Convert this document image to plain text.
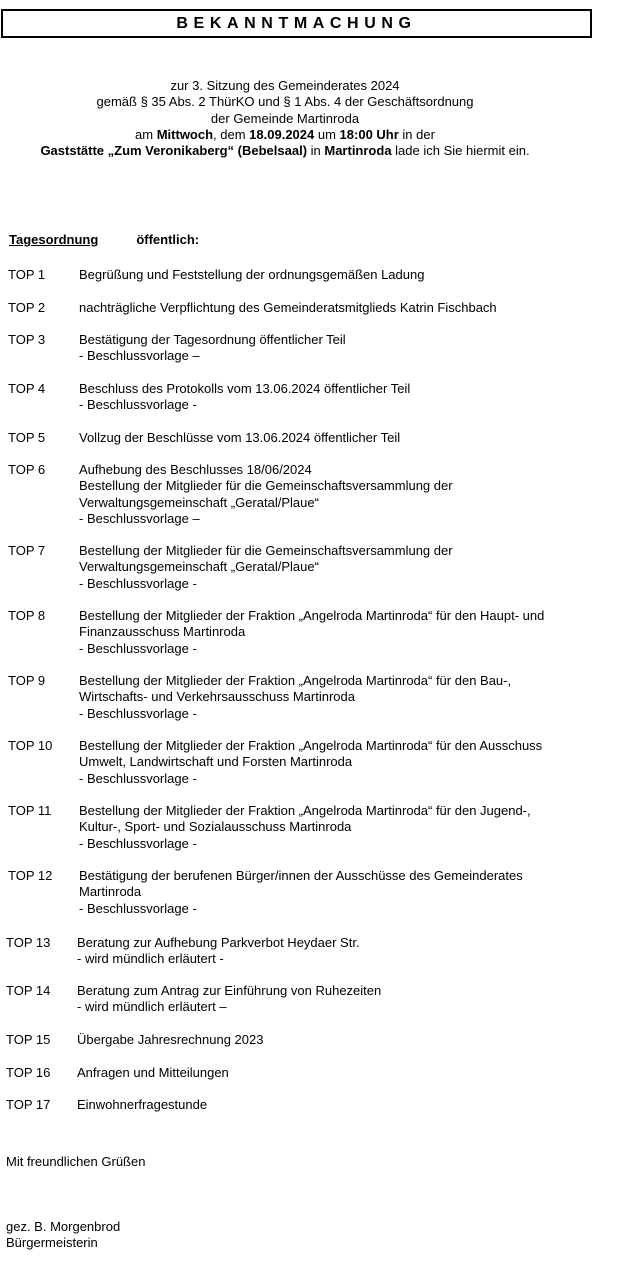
BEKANNTMACHUNG
zur 3. Sitzung des Gemeinderates 2024
gemäß § 35 Abs. 2 ThürKO und § 1 Abs. 4 der Geschäftsordnung
der Gemeinde Martinroda
am Mittwoch, dem 18.09.2024 um 18:00 Uhr in der
Gaststätte „Zum Veronikaberg“ (Bebelsaal) in Martinroda lade ich Sie hiermit ein.
Tagesordnung	öffentlich:
TOP 1	Begrüßung und Feststellung der ordnungsgemäßen Ladung
TOP 2	nachträgliche Verpflichtung des Gemeinderatsmitglieds Katrin Fischbach
TOP 3	Bestätigung der Tagesordnung öffentlicher Teil
- Beschlussvorlage –
TOP 4	Beschluss des Protokolls vom 13.06.2024 öffentlicher Teil
- Beschlussvorlage -
TOP 5	Vollzug der Beschlüsse vom 13.06.2024 öffentlicher Teil
TOP 6	Aufhebung des Beschlusses 18/06/2024
Bestellung der Mitglieder für die Gemeinschaftsversammlung der
Verwaltungsgemeinschaft „Geratal/Plaue“
- Beschlussvorlage –
TOP 7	Bestellung der Mitglieder für die Gemeinschaftsversammlung der
Verwaltungsgemeinschaft „Geratal/Plaue“
- Beschlussvorlage -
TOP 8	Bestellung der Mitglieder der Fraktion „Angelroda Martinroda“ für den Haupt- und
Finanzausschuss Martinroda
- Beschlussvorlage -
TOP 9	Bestellung der Mitglieder der Fraktion „Angelroda Martinroda“ für den Bau-,
Wirtschafts- und Verkehrsausschuss Martinroda
- Beschlussvorlage -
TOP 10 Bestellung der Mitglieder der Fraktion „Angelroda Martinroda“ für den Ausschuss
Umwelt, Landwirtschaft und Forsten Martinroda
- Beschlussvorlage -
TOP 11 Bestellung der Mitglieder der Fraktion „Angelroda Martinroda“ für den Jugend-,
Kultur-, Sport- und Sozialausschuss Martinroda
- Beschlussvorlage -
TOP 12 Bestätigung der berufenen Bürger/innen der Ausschüsse des Gemeinderates
Martinroda
- Beschlussvorlage -
TOP 13 Beratung zur Aufhebung Parkverbot Heydaer Str.
- wird mündlich erläutert -
TOP 14 Beratung zum Antrag zur Einführung von Ruhezeiten
- wird mündlich erläutert –
TOP 15 Übergabe Jahresrechnung 2023
TOP 16 Anfragen und Mitteilungen
TOP 17 Einwohnerfragestunde
Mit freundlichen Grüßen
gez. B. Morgenbrod
Bürgermeisterin
